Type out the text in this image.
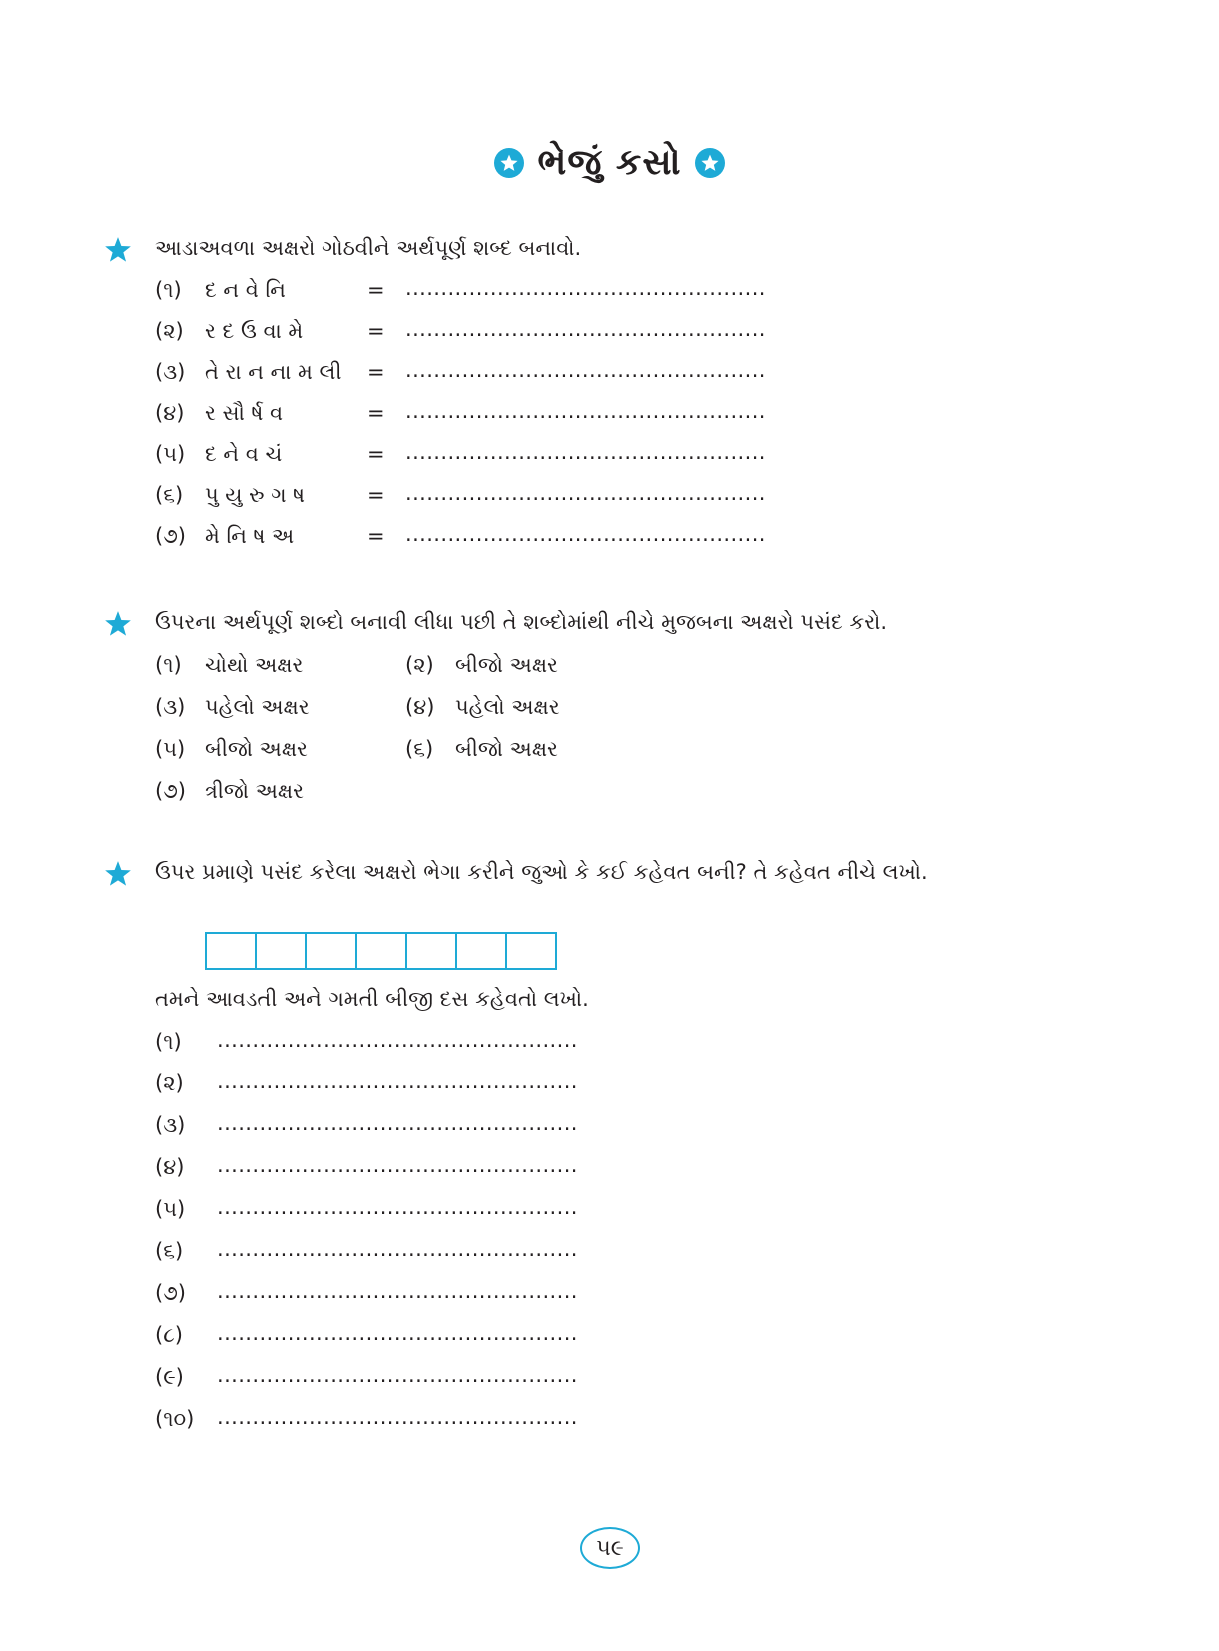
ભેજું કસો
આડાઅવળા અક્ષરો ગોઠવીને અર્થપૂર્ણ શબ્દ બનાવો.
(૧) દ ન વે નિ	= ...................................................
(૨) ર દ ઉ વા મે	= ...................................................
(૩) તે રા ન ના મ લી = ...................................................
(૪) ર સૌ ર્ષ વ	= ...................................................
(૫) દ ને વ ચં	= ...................................................
(૬) પુ યુ રુ ગ ષ	= ...................................................
(૭) મે નિ ષ અ	= ...................................................
ઉપરના અર્થપૂર્ણ શબ્દો બનાવી લીધા પછી તે શબ્દોમાંથી નીચે મુજબના અક્ષરો પસંદ કરો.
(૧) ચોથો અક્ષર	(૨) બીજો અક્ષર
(૩) પહેલો અક્ષર	(૪) પહેલો અક્ષર
(૫) બીજો અક્ષર	(૬) બીજો અક્ષર
(૭) ત્રીજો અક્ષર
ઉપર પ્રમાણે પસંદ કરેલા અક્ષરો ભેગા કરીને જુઓ કે કઈ કહેવત બની? તે કહેવત નીચે લખો.
તમને આવડતી અને ગમતી બીજી દસ કહેવતો લખો.
(૧) ...................................................
(૨) ...................................................
(૩) ...................................................
(૪) ...................................................
(૫) ...................................................
(૬) ...................................................
(૭) ...................................................
(૮) ...................................................
(૯) ...................................................
(૧૦) ...................................................
૫૯
